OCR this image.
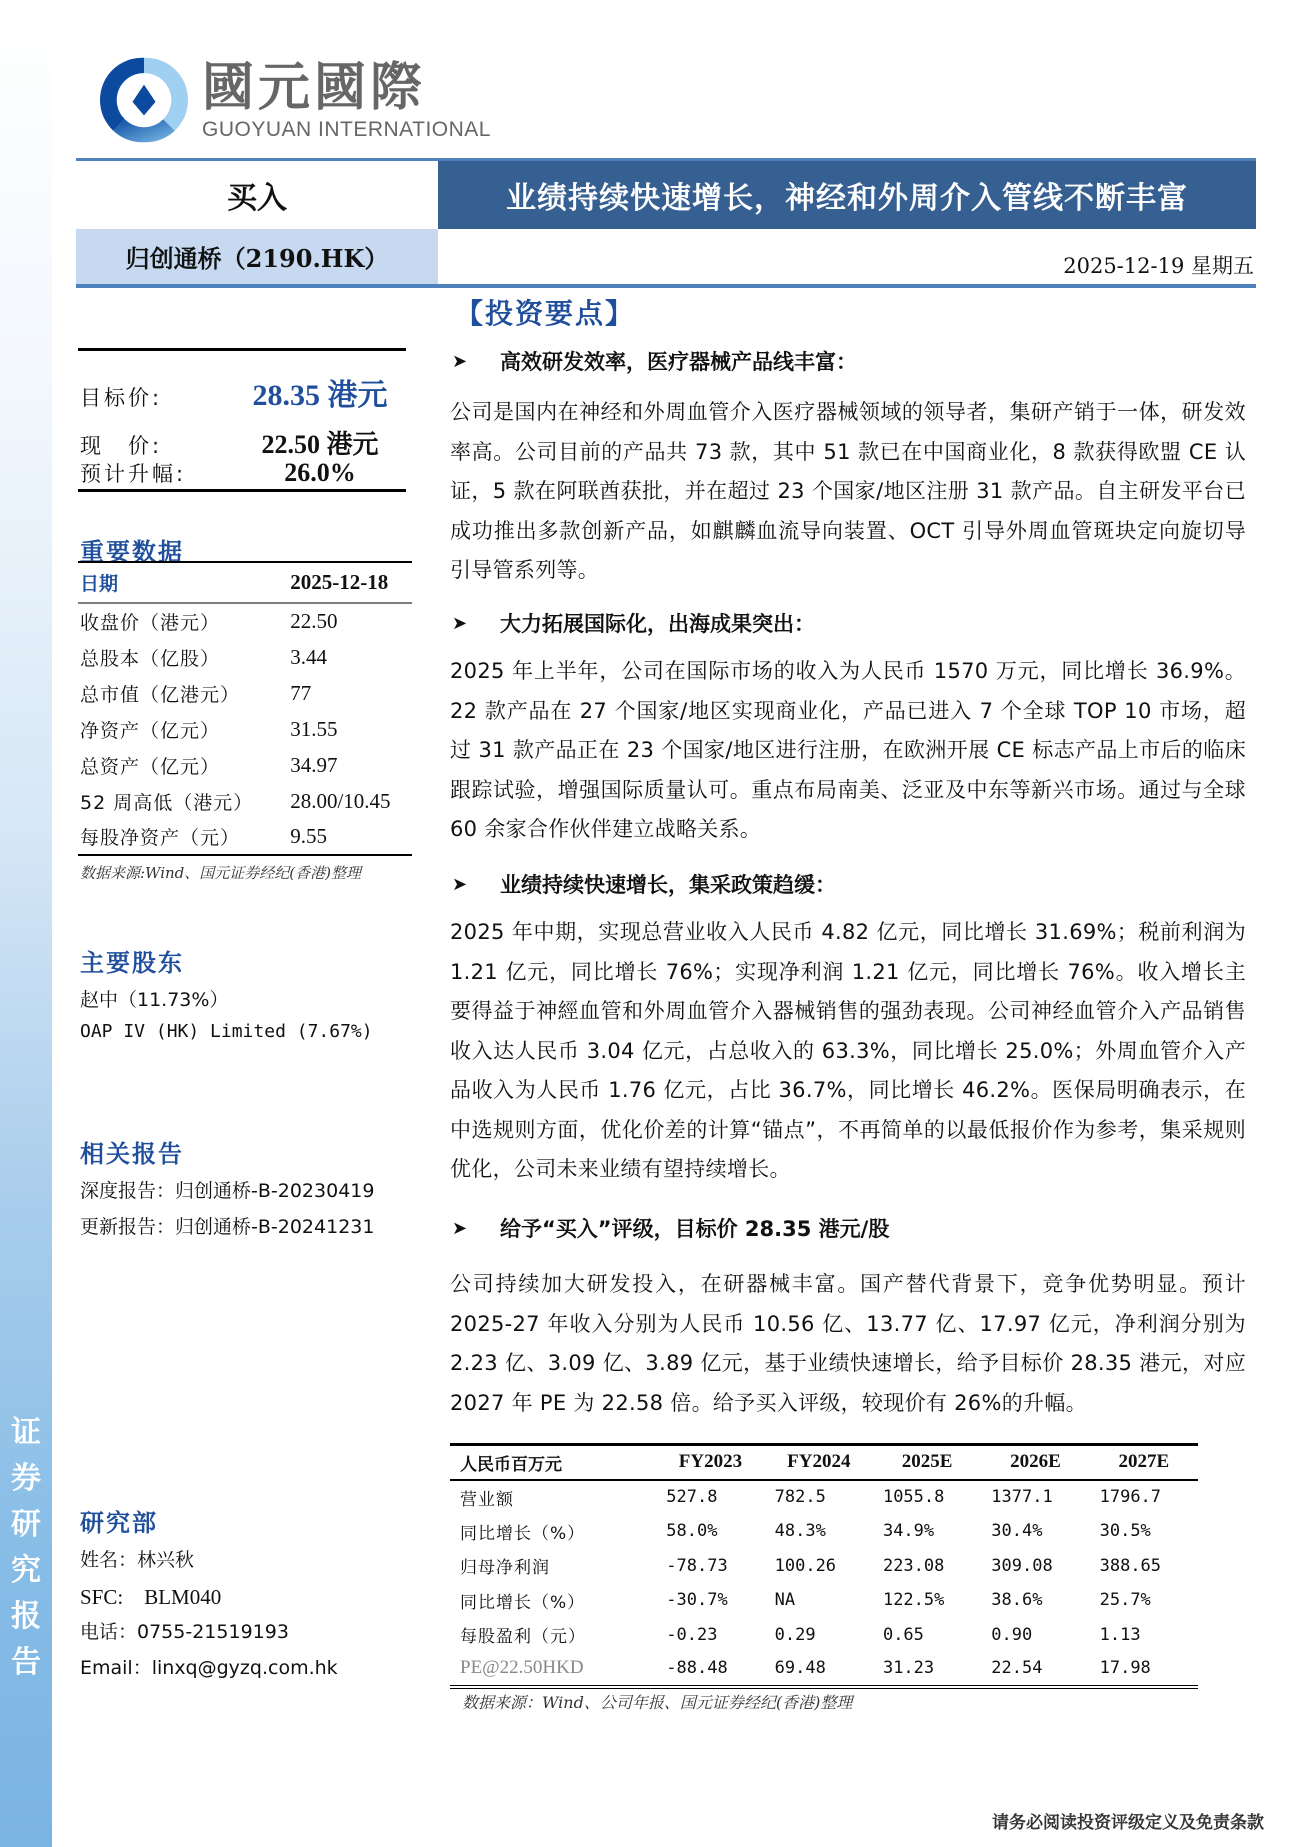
证
券
研
究
报
告
國元國際
GUOYUAN INTERNATIONAL
买入	业绩持续快速增长，神经和外周介入管线不断丰富
归创通桥（2190.HK）	2025-12-19 星期五
目标价:	28.35 港元
现　价:	22.50 港元
预计升幅:	26.0%
重要数据
日期	2025-12-18
收盘价（港元）	22.50
总股本（亿股）	3.44
总市值（亿港元）	77
净资产（亿元）	31.55
总资产（亿元）	34.97
52 周高低（港元）	28.00/10.45
每股净资产（元）	9.55
数据来源:Wind、国元证券经纪(香港)整理
主要股东
赵中（11.73%）
OAP IV (HK) Limited (7.67%)
相关报告
深度报告：归创通桥-B-20230419
更新报告：归创通桥-B-20241231
研究部
姓名：林兴秋
SFC:　BLM040
电话：0755-21519193
Email：linxq@gyzq.com.hk
【投资要点】
➤	高效研发效率，医疗器械产品线丰富：
公司是国内在神经和外周血管介入医疗器械领域的领导者，集研产销于一体，研发效率高。公司目前的产品共 73 款，其中 51 款已在中国商业化，8 款获得欧盟 CE 认证，5 款在阿联酋获批，并在超过 23 个国家/地区注册 31 款产品。自主研发平台已成功推出多款创新产品，如麒麟血流导向装置、OCT 引导外周血管斑块定向旋切导引导管系列等。
➤	大力拓展国际化，出海成果突出：
2025 年上半年，公司在国际市场的收入为人民币 1570 万元，同比增长 36.9%。22 款产品在 27 个国家/地区实现商业化，产品已进入 7 个全球 TOP 10 市场，超过 31 款产品正在 23 个国家/地区进行注册，在欧洲开展 CE 标志产品上市后的临床跟踪试验，增强国际质量认可。重点布局南美、泛亚及中东等新兴市场。通过与全球 60 余家合作伙伴建立战略关系。
➤	业绩持续快速增长，集采政策趋缓：
2025 年中期，实现总营业收入人民币 4.82 亿元，同比增长 31.69%；税前利润为 1.21 亿元，同比增长 76%；实现净利润 1.21 亿元，同比增长 76%。收入增长主要得益于神經血管和外周血管介入器械销售的强劲表现。公司神经血管介入产品销售收入达人民币 3.04 亿元，占总收入的 63.3%，同比增长 25.0%；外周血管介入产品收入为人民币 1.76 亿元，占比 36.7%，同比增长 46.2%。医保局明确表示，在中选规则方面，优化价差的计算“锚点”，不再简单的以最低报价作为参考，集采规则优化，公司未来业绩有望持续增长。
➤	给予“买入”评级，目标价 28.35 港元/股
公司持续加大研发投入，在研器械丰富。国产替代背景下，竞争优势明显。预计 2025-27 年收入分别为人民币 10.56 亿、13.77 亿、17.97 亿元，净利润分别为 2.23 亿、3.09 亿、3.89 亿元，基于业绩快速增长，给予目标价 28.35 港元，对应 2027 年 PE 为 22.58 倍。给予买入评级，较现价有 26%的升幅。
人民币百万元	FY2023	FY2024	2025E	2026E	2027E
营业额	527.8	782.5	1055.8	1377.1	1796.7
同比增长（%）	58.0%	48.3%	34.9%	30.4%	30.5%
归母净利润	-78.73	100.26	223.08	309.08	388.65
同比增长（%）	-30.7%	NA	122.5%	38.6%	25.7%
每股盈利（元）	-0.23	0.29	0.65	0.90	1.13
PE@22.50HKD	-88.48	69.48	31.23	22.54	17.98
数据来源：Wind、公司年报、国元证券经纪(香港)整理
请务必阅读投资评级定义及免责条款
